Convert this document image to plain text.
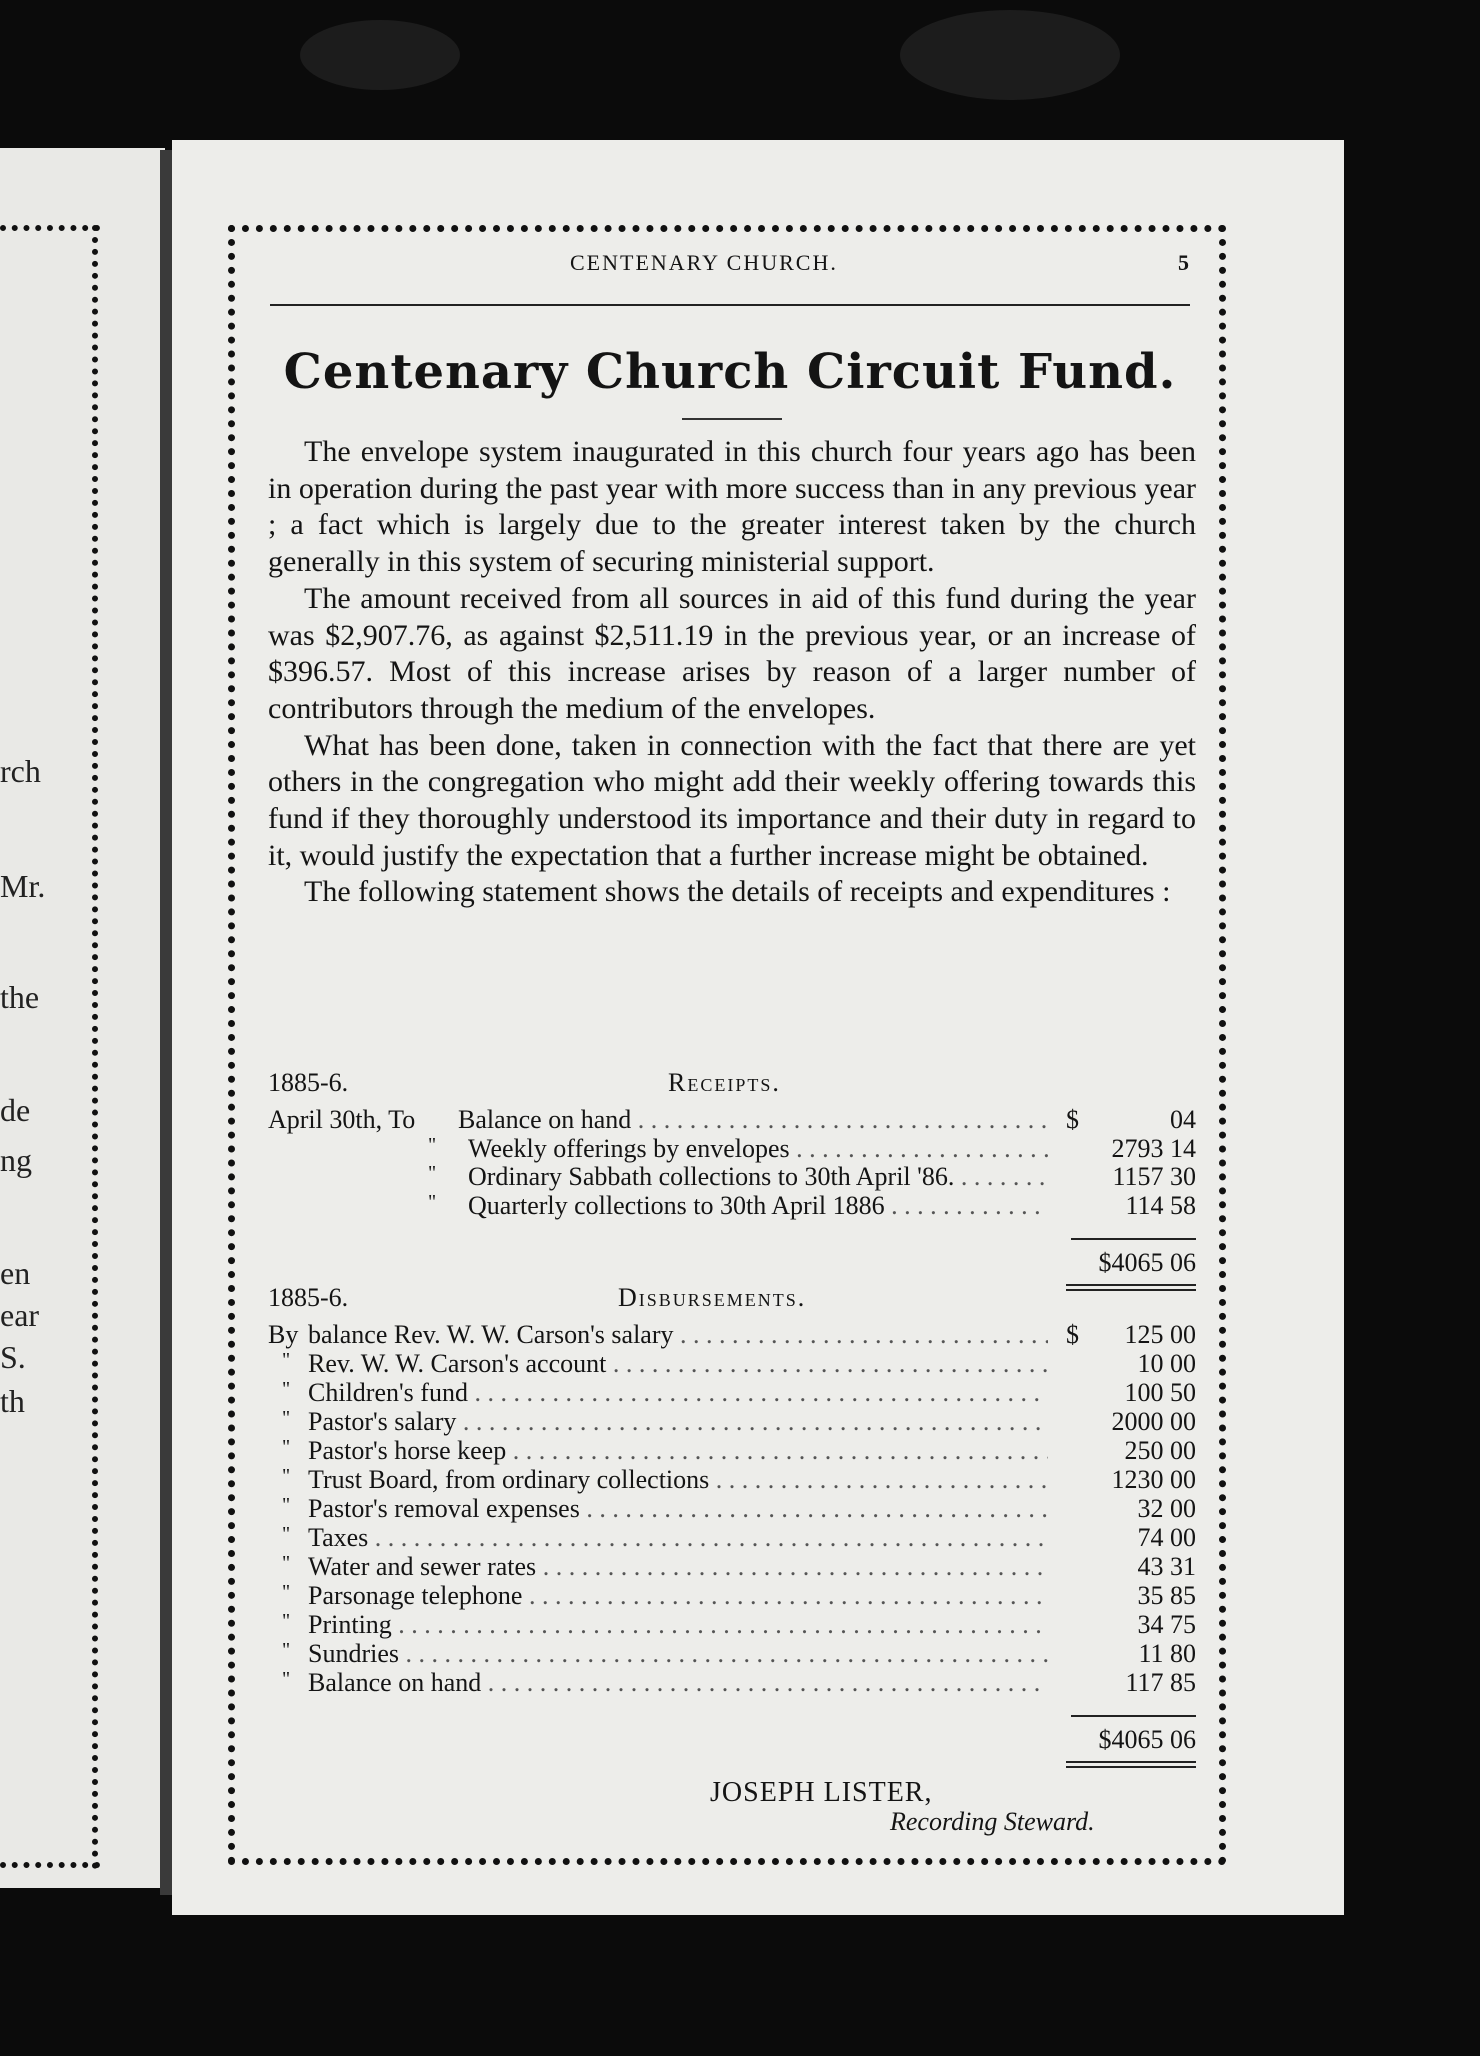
rch
Mr.
the
de
ng
en
ear
S.
th
CENTENARY CHURCH.	5
Centenary Church Circuit Fund.

The envelope system inaugurated in this church four years ago has been in operation during the past year with more success than in any previous year ; a fact which is largely due to the greater interest taken by the church generally in this system of securing ministerial support.

The amount received from all sources in aid of this fund during the year was $2,907.76, as against $2,511.19 in the previous year, or an increase of $396.57. Most of this increase arises by reason of a larger number of contributors through the medium of the envelopes.

What has been done, taken in connection with the fact that there are yet others in the congregation who might add their weekly offering towards this fund if they thoroughly understood its importance and their duty in regard to it, would justify the expectation that a further increase might be obtained.

The following statement shows the details of receipts and expenditures :

1885-6.	Receipts.
April 30th, To Balance on hand . . .	$	04
" Weekly offerings by envelopes . . .	2793 14
" Ordinary Sabbath collections to 30th April '86. . . .	1157 30
" Quarterly collections to 30th April 1886 . . .	114 58
$4065 06
1885-6.	Disbursements.
By balance Rev. W. W. Carson's salary . . .	$ 125 00
" Rev. W. W. Carson's account . . .	10 00
" Children's fund . . .	100 50
" Pastor's salary . . .	2000 00
" Pastor's horse keep . . .	250 00
" Trust Board, from ordinary collections . . .	1230 00
" Pastor's removal expenses . . .	32 00
" Taxes . . .	74 00
" Water and sewer rates . . .	43 31
" Parsonage telephone . . .	35 85
" Printing . . .	34 75
" Sundries . . .	11 80
" Balance on hand . . .	117 85
$4065 06
JOSEPH LISTER,
Recording Steward.
